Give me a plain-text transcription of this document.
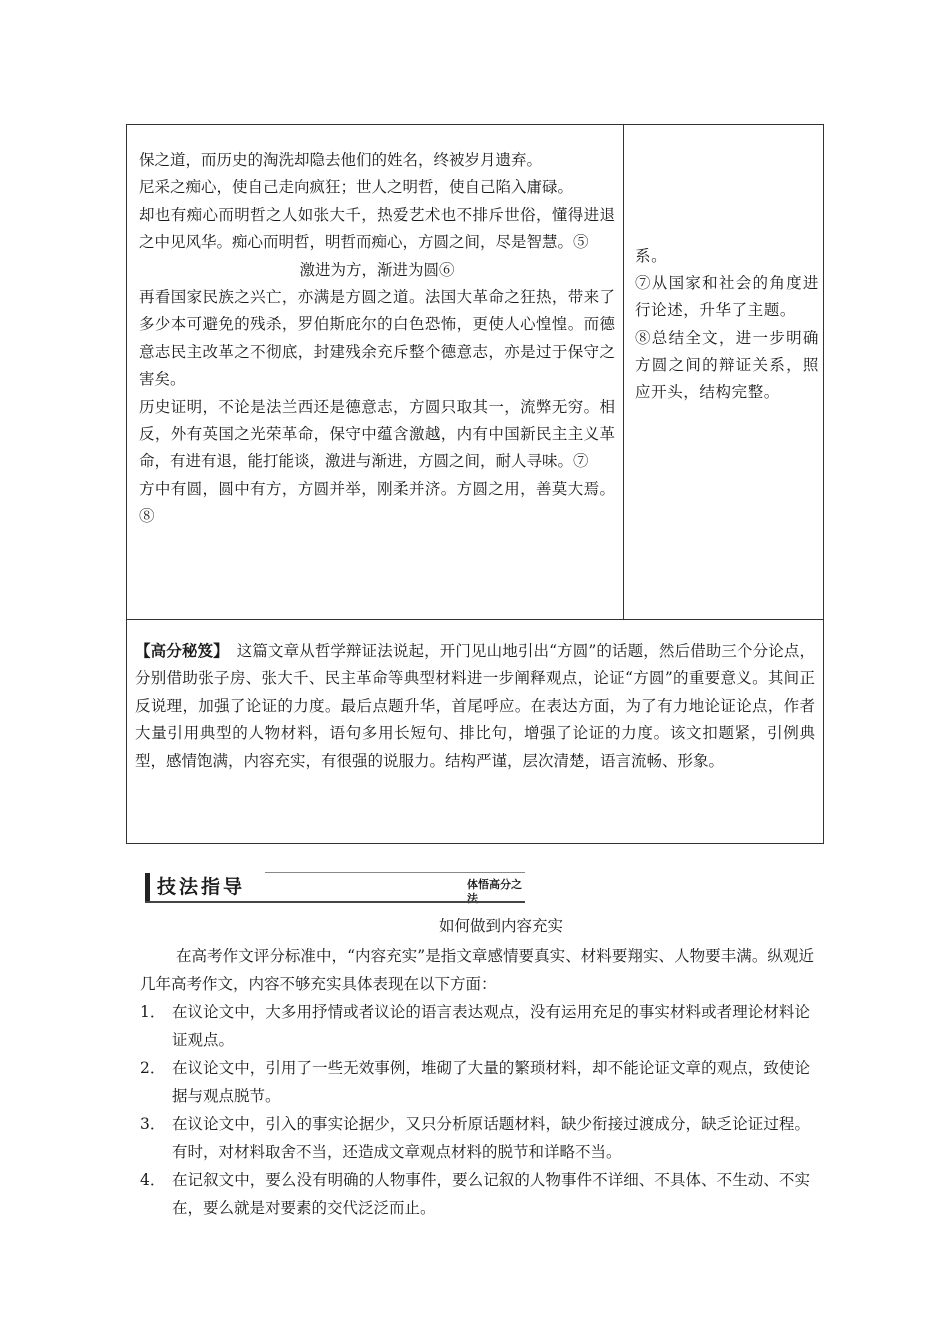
保之道，而历史的淘洗却隐去他们的姓名，终被岁月遗弃。

尼采之痴心，使自己走向疯狂；世人之明哲，使自己陷入庸碌。

却也有痴心而明哲之人如张大千，热爱艺术也不排斥世俗，懂得进退之中见风华。痴心而明哲，明哲而痴心，方圆之间，尽是智慧。⑤

激进为方，渐进为圆⑥

再看国家民族之兴亡，亦满是方圆之道。法国大革命之狂热，带来了多少本可避免的残杀，罗伯斯庇尔的白色恐怖，更使人心惶惶。而德意志民主改革之不彻底，封建残余充斥整个德意志，亦是过于保守之害矣。

历史证明，不论是法兰西还是德意志，方圆只取其一，流弊无穷。相反，外有英国之光荣革命，保守中蕴含激越，内有中国新民主主义革命，有进有退，能打能谈，激进与渐进，方圆之间，耐人寻味。⑦

方中有圆，圆中有方，方圆并举，刚柔并济。方圆之用，善莫大焉。⑧

系。

⑦从国家和社会的角度进行论述，升华了主题。

⑧总结全文，进一步明确方圆之间的辩证关系，照应开头，结构完整。

【高分秘笈】 这篇文章从哲学辩证法说起，开门见山地引出“方圆”的话题，然后借助三个分论点，分别借助张子房、张大千、民主革命等典型材料进一步阐释观点，论证“方圆”的重要意义。其间正反说理，加强了论证的力度。最后点题升华，首尾呼应。在表达方面，为了有力地论证论点，作者大量引用典型的人物材料，语句多用长短句、排比句，增强了论证的力度。该文扣题紧，引例典型，感情饱满，内容充实，有很强的说服力。结构严谨，层次清楚，语言流畅、形象。
技法指导	体悟高分之法

如何做到内容充实

在高考作文评分标准中，“内容充实”是指文章感情要真实、材料要翔实、人物要丰满。纵观近几年高考作文，内容不够充实具体表现在以下方面：

1． 在议论文中，大多用抒情或者议论的语言表达观点，没有运用充足的事实材料或者理论材料论证观点。
2． 在议论文中，引用了一些无效事例，堆砌了大量的繁琐材料，却不能论证文章的观点，致使论据与观点脱节。
3． 在议论文中，引入的事实论据少，又只分析原话题材料，缺少衔接过渡成分，缺乏论证过程。有时，对材料取舍不当，还造成文章观点材料的脱节和详略不当。
4． 在记叙文中，要么没有明确的人物事件，要么记叙的人物事件不详细、不具体、不生动、不实在，要么就是对要素的交代泛泛而止。
